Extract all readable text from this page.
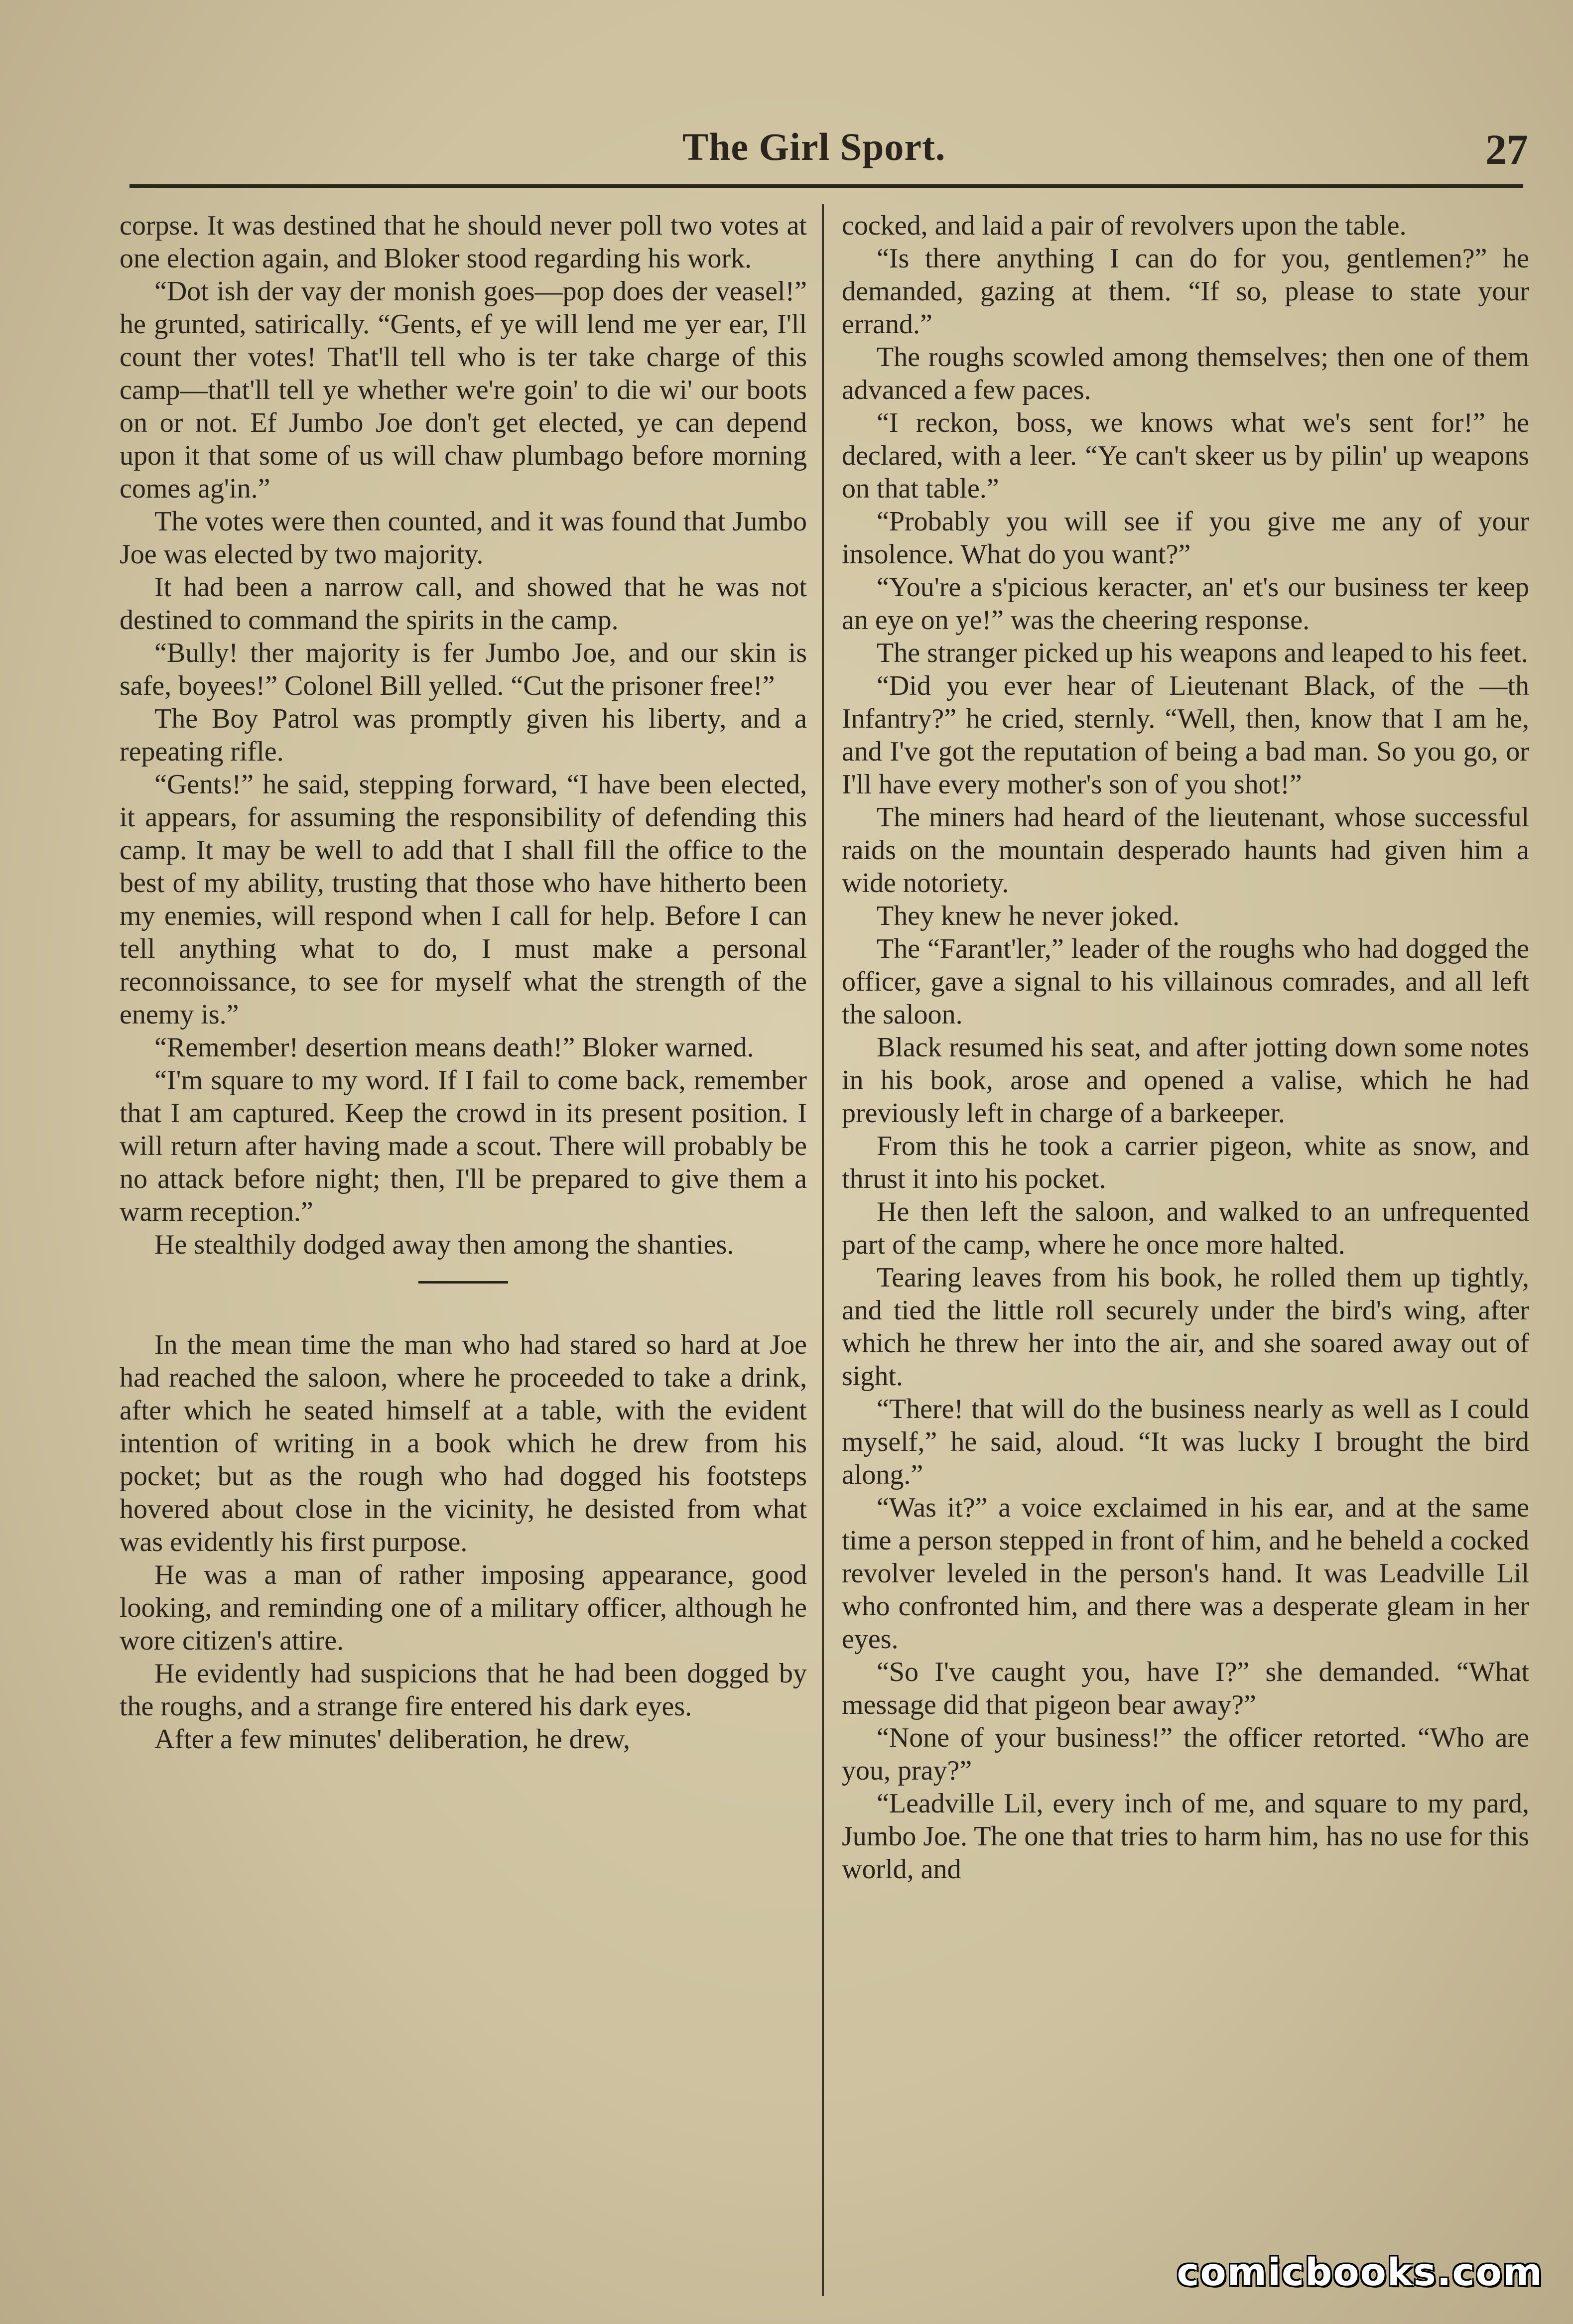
The Girl Sport.	27

corpse. It was destined that he should never poll two votes at one election again, and Bloker stood regarding his work.

“Dot ish der vay der monish goes—pop does der veasel!” he grunted, satirically. “Gents, ef ye will lend me yer ear, I'll count ther votes! That'll tell who is ter take charge of this camp—that'll tell ye whether we're goin' to die wi' our boots on or not. Ef Jumbo Joe don't get elected, ye can depend upon it that some of us will chaw plumbago before morning comes ag'in.”

The votes were then counted, and it was found that Jumbo Joe was elected by two majority.

It had been a narrow call, and showed that he was not destined to command the spirits in the camp.

“Bully! ther majority is fer Jumbo Joe, and our skin is safe, boyees!” Colonel Bill yelled. “Cut the prisoner free!”

The Boy Patrol was promptly given his liberty, and a repeating rifle.

“Gents!” he said, stepping forward, “I have been elected, it appears, for assuming the responsibility of defending this camp. It may be well to add that I shall fill the office to the best of my ability, trusting that those who have hitherto been my enemies, will respond when I call for help. Before I can tell anything what to do, I must make a personal reconnoissance, to see for myself what the strength of the enemy is.”

“Remember! desertion means death!” Bloker warned.

“I'm square to my word. If I fail to come back, remember that I am captured. Keep the crowd in its present position. I will return after having made a scout. There will probably be no attack before night; then, I'll be prepared to give them a warm reception.”

He stealthily dodged away then among the shanties.

In the mean time the man who had stared so hard at Joe had reached the saloon, where he proceeded to take a drink, after which he seated himself at a table, with the evident intention of writing in a book which he drew from his pocket; but as the rough who had dogged his footsteps hovered about close in the vicinity, he desisted from what was evidently his first purpose.

He was a man of rather imposing appearance, good looking, and reminding one of a military officer, although he wore citizen's attire.

He evidently had suspicions that he had been dogged by the roughs, and a strange fire entered his dark eyes.

After a few minutes' deliberation, he drew,

cocked, and laid a pair of revolvers upon the table.

“Is there anything I can do for you, gentlemen?” he demanded, gazing at them. “If so, please to state your errand.”

The roughs scowled among themselves; then one of them advanced a few paces.

“I reckon, boss, we knows what we's sent for!” he declared, with a leer. “Ye can't skeer us by pilin' up weapons on that table.”

“Probably you will see if you give me any of your insolence. What do you want?”

“You're a s'picious keracter, an' et's our business ter keep an eye on ye!” was the cheering response.

The stranger picked up his weapons and leaped to his feet.

“Did you ever hear of Lieutenant Black, of the —th Infantry?” he cried, sternly. “Well, then, know that I am he, and I've got the reputation of being a bad man. So you go, or I'll have every mother's son of you shot!”

The miners had heard of the lieutenant, whose successful raids on the mountain desperado haunts had given him a wide notoriety.

They knew he never joked.

The “Farant'ler,” leader of the roughs who had dogged the officer, gave a signal to his villainous comrades, and all left the saloon.

Black resumed his seat, and after jotting down some notes in his book, arose and opened a valise, which he had previously left in charge of a barkeeper.

From this he took a carrier pigeon, white as snow, and thrust it into his pocket.

He then left the saloon, and walked to an unfrequented part of the camp, where he once more halted.

Tearing leaves from his book, he rolled them up tightly, and tied the little roll securely under the bird's wing, after which he threw her into the air, and she soared away out of sight.

“There! that will do the business nearly as well as I could myself,” he said, aloud. “It was lucky I brought the bird along.”

“Was it?” a voice exclaimed in his ear, and at the same time a person stepped in front of him, and he beheld a cocked revolver leveled in the person's hand. It was Leadville Lil who confronted him, and there was a desperate gleam in her eyes.

“So I've caught you, have I?” she demanded. “What message did that pigeon bear away?”

“None of your business!” the officer retorted. “Who are you, pray?”

“Leadville Lil, every inch of me, and square to my pard, Jumbo Joe. The one that tries to harm him, has no use for this world, and

comicbooks.com
